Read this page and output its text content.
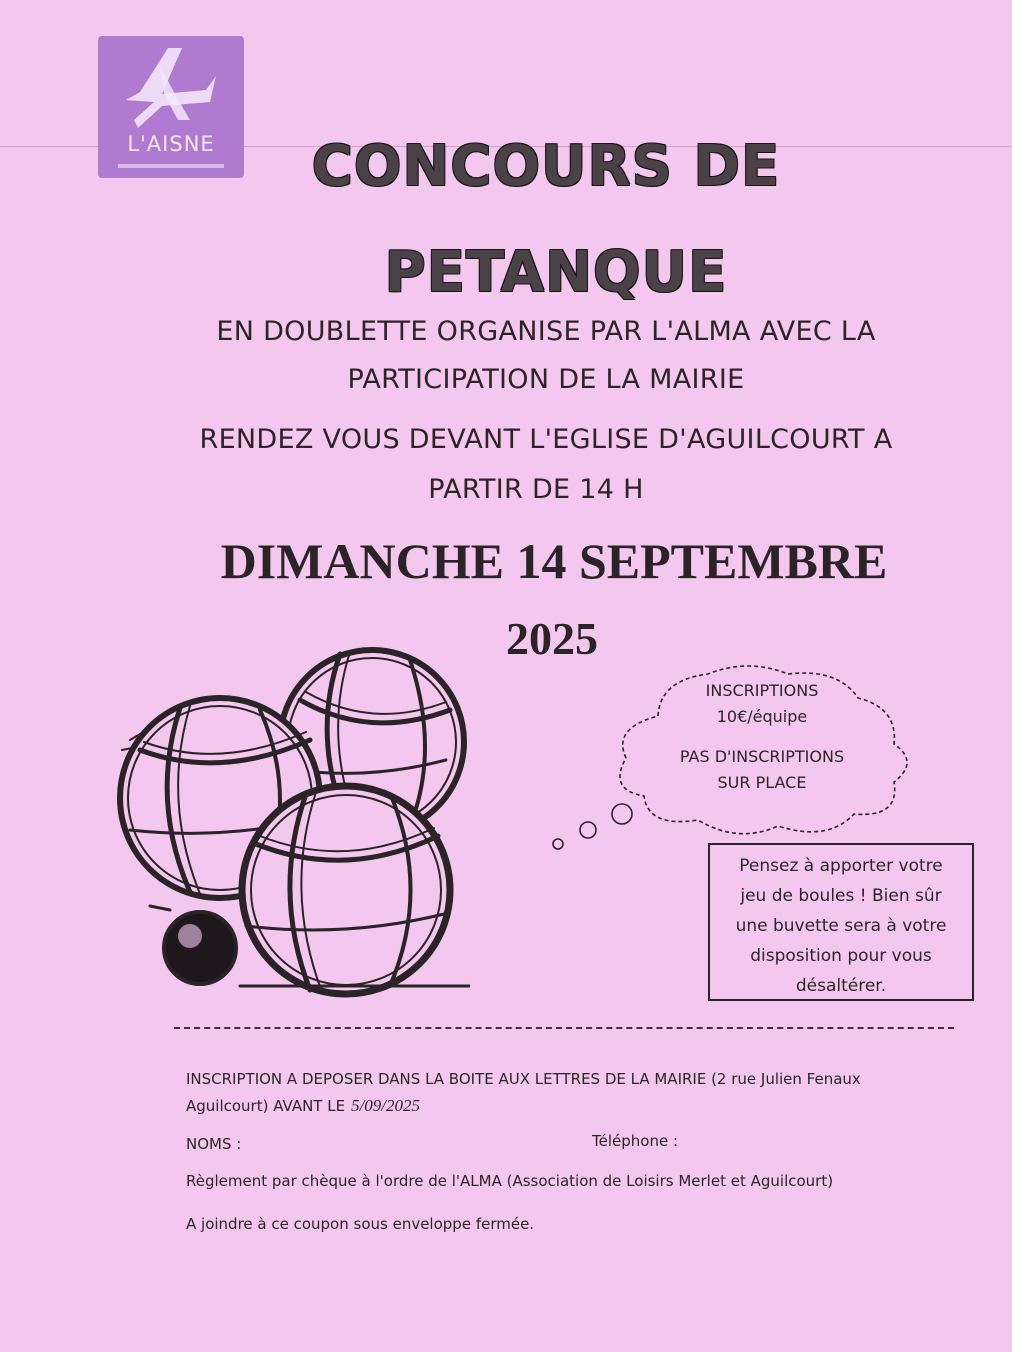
L'AISNE	CONCOURS DE
PETANQUE
EN DOUBLETTE ORGANISE PAR L'ALMA AVEC LA
PARTICIPATION DE LA MAIRIE
RENDEZ VOUS DEVANT L'EGLISE D'AGUILCOURT A
PARTIR DE 14 H
DIMANCHE 14 SEPTEMBRE
2025
INSCRIPTIONS
10€/équipe
PAS D'INSCRIPTIONS
SUR PLACE
Pensez à apporter votre
jeu de boules ! Bien sûr
une buvette sera à votre
disposition pour vous
désaltérer.
INSCRIPTION A DEPOSER DANS LA BOITE AUX LETTRES DE LA MAIRIE (2 rue Julien Fenaux
Aguilcourt) AVANT LE 5/09/2025
NOMS :	Téléphone :
Règlement par chèque à l'ordre de l'ALMA (Association de Loisirs Merlet et Aguilcourt)
A joindre à ce coupon sous enveloppe fermée.
